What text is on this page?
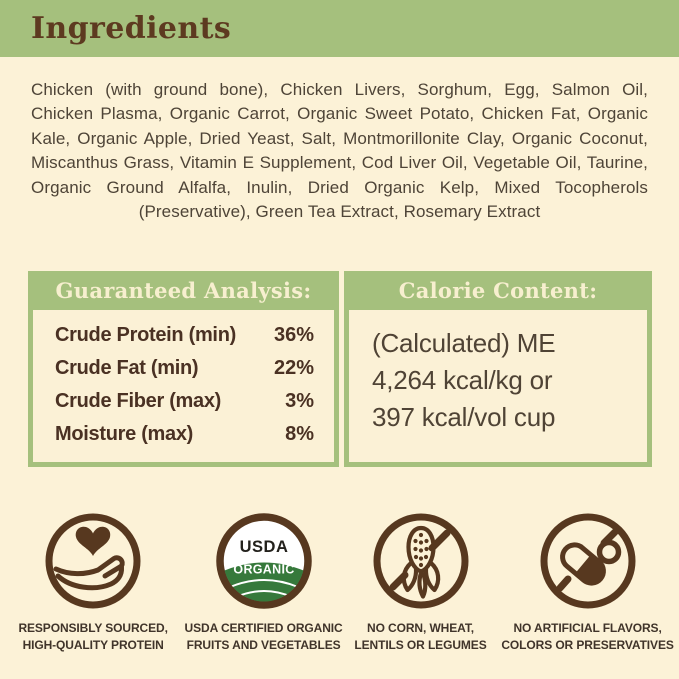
Ingredients

Chicken (with ground bone), Chicken Livers, Sorghum, Egg, Salmon Oil, Chicken Plasma, Organic Carrot, Organic Sweet Potato, Chicken Fat, Organic Kale, Organic Apple, Dried Yeast, Salt, Montmorillonite Clay, Organic Coconut, Miscanthus Grass, Vitamin E Supplement, Cod Liver Oil, Vegetable Oil, Taurine, Organic Ground Alfalfa, Inulin, Dried Organic Kelp, Mixed Tocopherols (Preservative), Green Tea Extract, Rosemary Extract

Guaranteed Analysis:
Crude Protein (min) 36%
Crude Fat (min)	22%
Crude Fiber (max)	3%
Moisture (max)	8%
Calorie Content:
(Calculated) ME
4,264 kcal/kg or
397 kcal/vol cup
RESPONSIBLY SOURCED,
HIGH-QUALITY PROTEIN
USDA
ORGANIC
USDA CERTIFIED ORGANIC
FRUITS AND VEGETABLES
NO CORN, WHEAT,
LENTILS OR LEGUMES
NO ARTIFICIAL FLAVORS,
COLORS OR PRESERVATIVES
